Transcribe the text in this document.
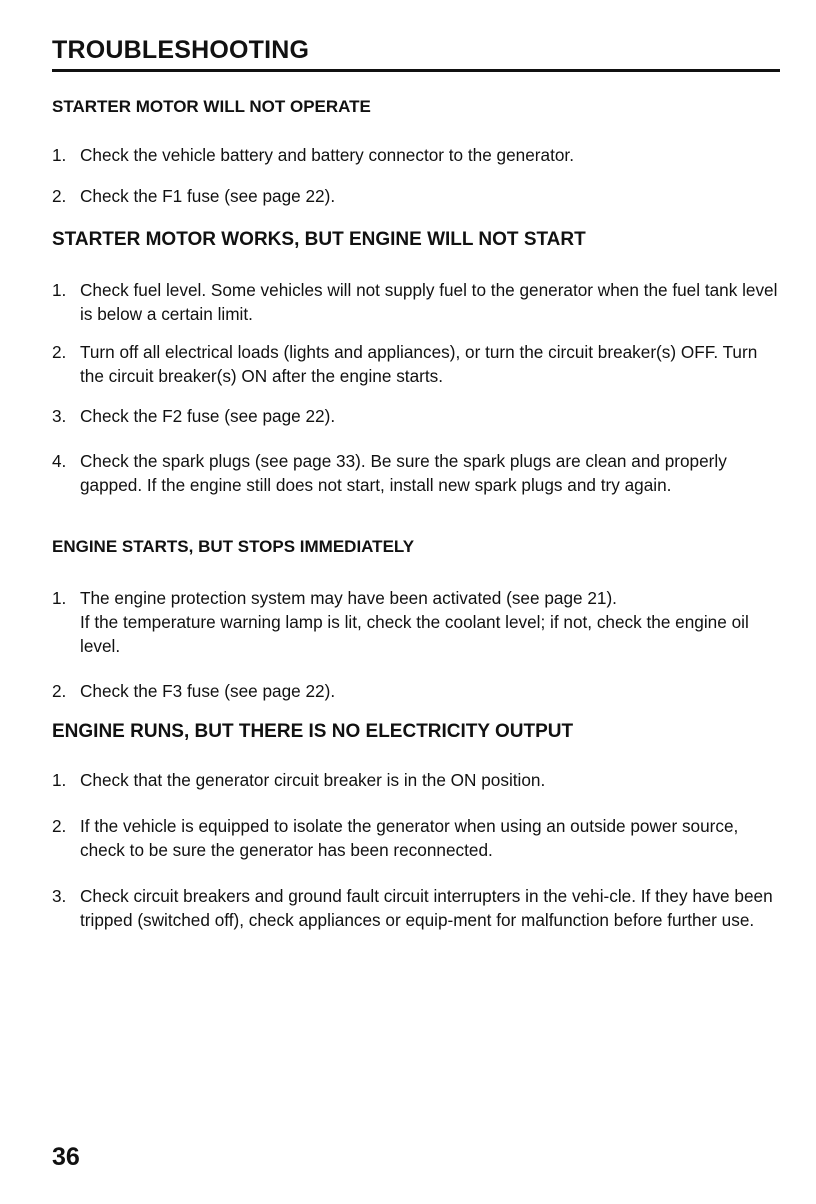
TROUBLESHOOTING
STARTER MOTOR WILL NOT OPERATE
1. Check the vehicle battery and battery connector to the generator.
2. Check the F1 fuse (see page 22).
STARTER MOTOR WORKS, BUT ENGINE WILL NOT START
1. Check fuel level. Some vehicles will not supply fuel to the generator when the fuel tank level is below a certain limit.
2. Turn off all electrical loads (lights and appliances), or turn the circuit breaker(s) OFF. Turn the circuit breaker(s) ON after the engine starts.
3. Check the F2 fuse (see page 22).
4. Check the spark plugs (see page 33). Be sure the spark plugs are clean and properly gapped. If the engine still does not start, install new spark plugs and try again.
ENGINE STARTS, BUT STOPS IMMEDIATELY
1. The engine protection system may have been activated (see page 21).
If the temperature warning lamp is lit, check the coolant level; if not, check the engine oil level.
2. Check the F3 fuse (see page 22).
ENGINE RUNS, BUT THERE IS NO ELECTRICITY OUTPUT
1. Check that the generator circuit breaker is in the ON position.
2. If the vehicle is equipped to isolate the generator when using an outside power source, check to be sure the generator has been reconnected.
3. Check circuit breakers and ground fault circuit interrupters in the vehi-cle. If they have been tripped (switched off), check appliances or equip-ment for malfunction before further use.
36
